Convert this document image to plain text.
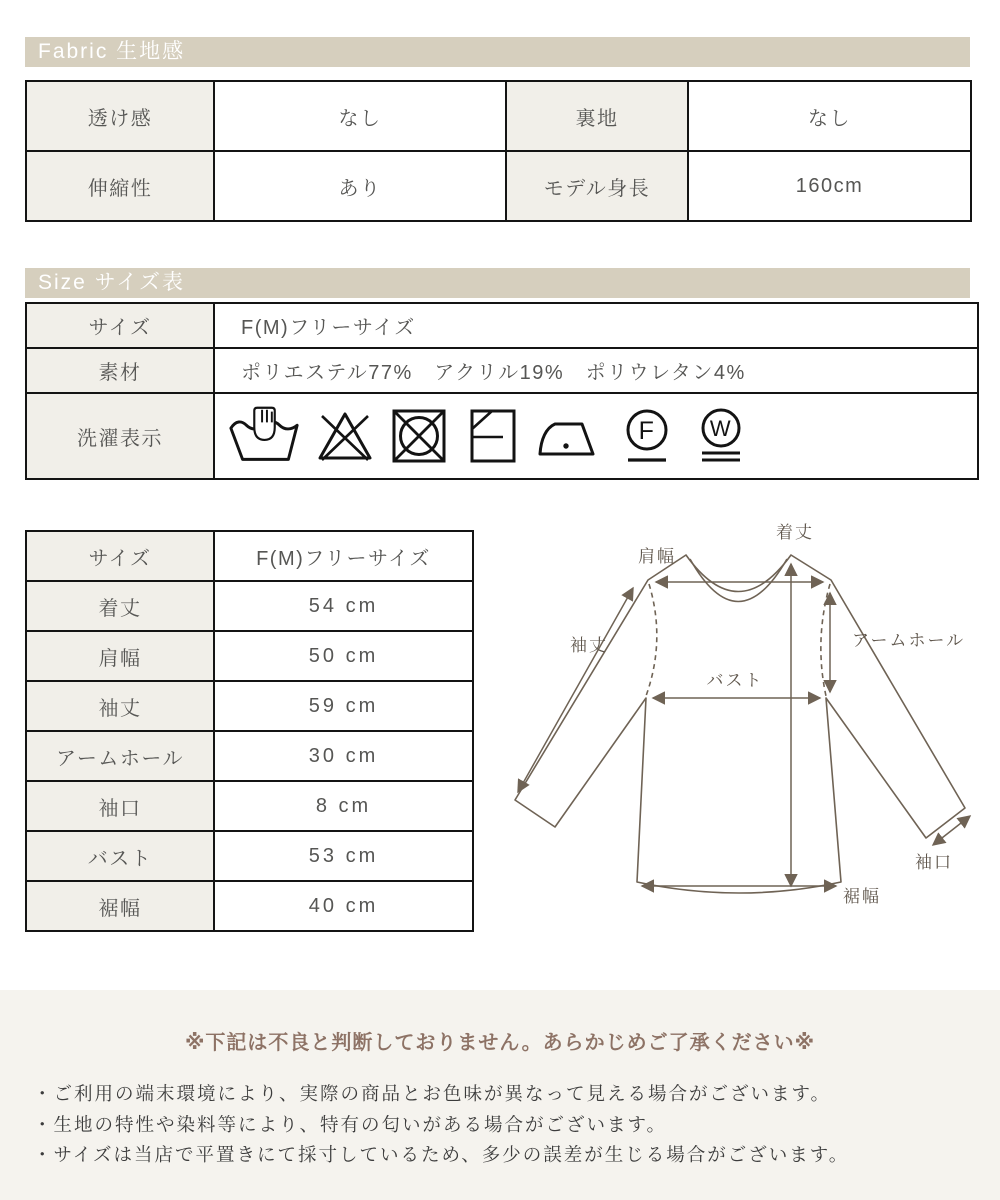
Fabric 生地感
透け感	なし	裏地	なし
伸縮性	あり	モデル身長	160cm
Size サイズ表
サイズ	F(M)フリーサイズ
素材	ポリエステル77%　アクリル19%　ポリウレタン4%
洗濯表示	F W
サイズ	F(M)フリーサイズ
着丈	54 cm
肩幅	50 cm
袖丈	59 cm
アームホール	30 cm
袖口	8 cm
バスト	53 cm
裾幅	40 cm
肩幅
着丈
袖丈	アームホール
バスト
袖口
裾幅
※下記は不良と判断しておりません。あらかじめご了承ください※
・ご利用の端末環境により、実際の商品とお色味が異なって見える場合がございます。
・生地の特性や染料等により、特有の匂いがある場合がございます。
・サイズは当店で平置きにて採寸しているため、多少の誤差が生じる場合がございます。
